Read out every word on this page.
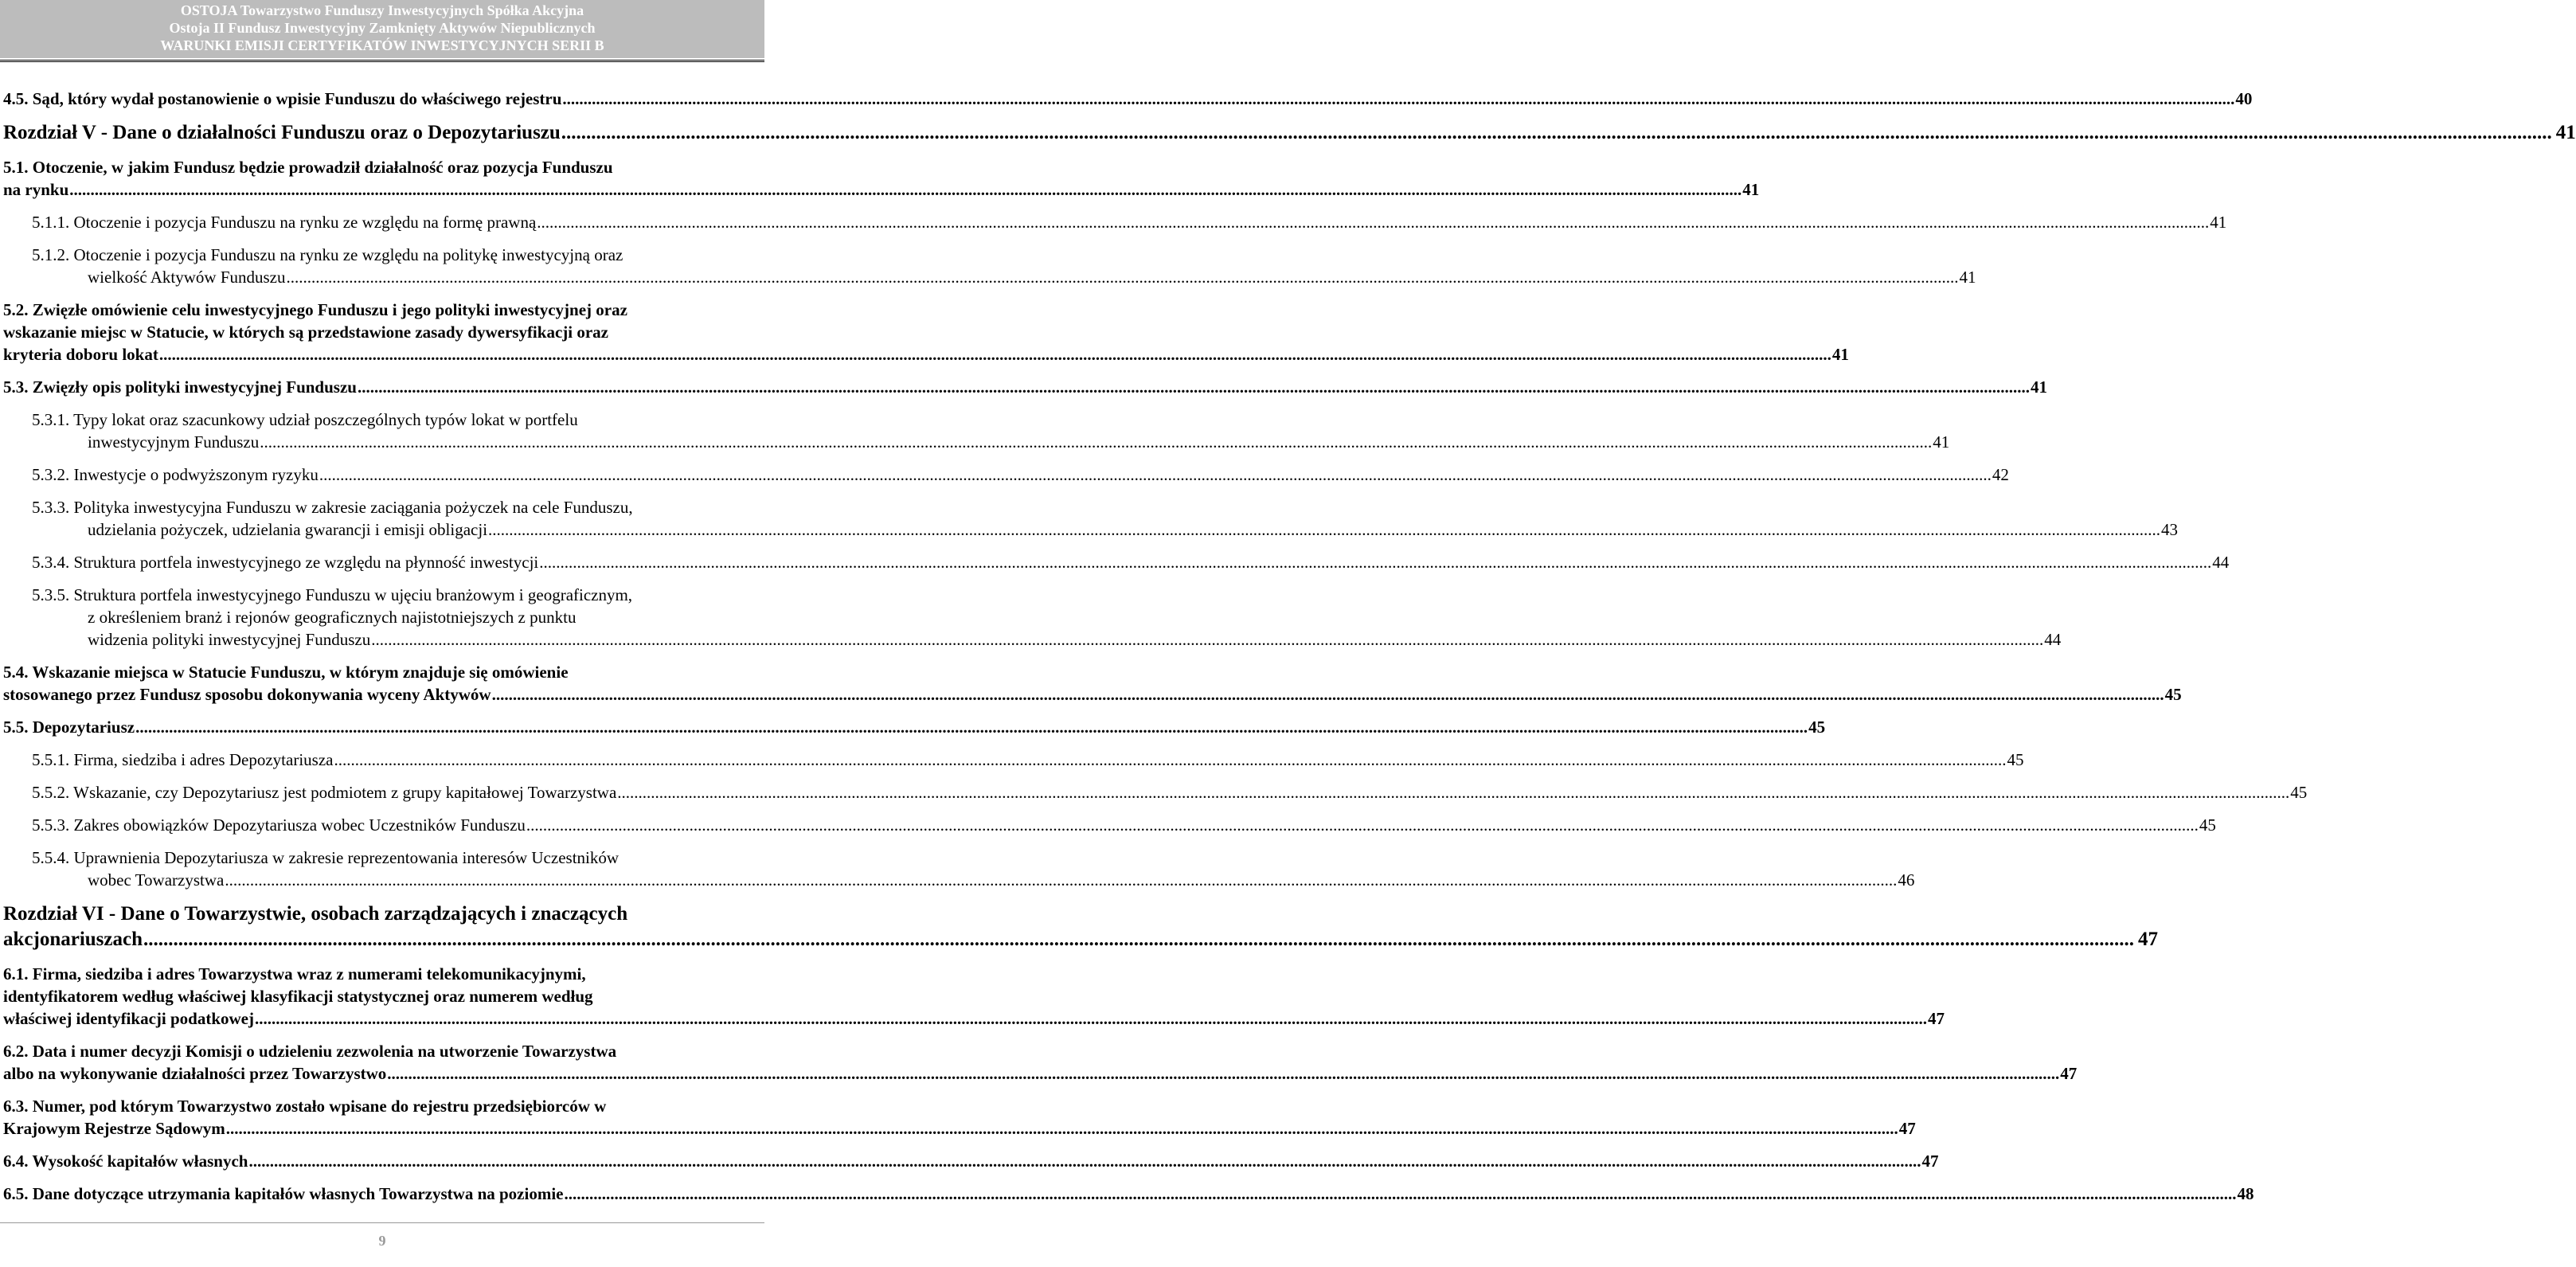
OSTOJA Towarzystwo Funduszy Inwestycyjnych Spółka Akcyjna
Ostoja II Fundusz Inwestycyjny Zamknięty Aktywów Niepublicznych
WARUNKI EMISJI CERTYFIKATÓW INWESTYCYJNYCH SERII B
4.5. Sąd, który wydał postanowienie o wpisie Funduszu do właściwego rejestru ................................................................................................................................................................................................................................................................................................................................................................................................................ 40
Rozdział V - Dane o działalności Funduszu oraz o Depozytariuszu ................................................................................................................................................................................................................................................................................................................................................................................................................ 41
5.1. Otoczenie, w jakim Fundusz będzie prowadził działalność oraz pozycja Funduszu
na rynku ................................................................................................................................................................................................................................................................................................................................................................................................................ 41
5.1.1. Otoczenie i pozycja Funduszu na rynku ze względu na formę prawną ................................................................................................................................................................................................................................................................................................................................................................................................................ 41
5.1.2. Otoczenie i pozycja Funduszu na rynku ze względu na politykę inwestycyjną oraz
wielkość Aktywów Funduszu ................................................................................................................................................................................................................................................................................................................................................................................................................ 41
5.2. Zwięzłe omówienie celu inwestycyjnego Funduszu i jego polityki inwestycyjnej oraz
wskazanie miejsc w Statucie, w których są przedstawione zasady dywersyfikacji oraz
kryteria doboru lokat ................................................................................................................................................................................................................................................................................................................................................................................................................ 41
5.3. Zwięzły opis polityki inwestycyjnej Funduszu ................................................................................................................................................................................................................................................................................................................................................................................................................ 41
5.3.1. Typy lokat oraz szacunkowy udział poszczególnych typów lokat w portfelu
inwestycyjnym Funduszu ................................................................................................................................................................................................................................................................................................................................................................................................................ 41
5.3.2. Inwestycje o podwyższonym ryzyku ................................................................................................................................................................................................................................................................................................................................................................................................................ 42
5.3.3. Polityka inwestycyjna Funduszu w zakresie zaciągania pożyczek na cele Funduszu,
udzielania pożyczek, udzielania gwarancji i emisji obligacji ................................................................................................................................................................................................................................................................................................................................................................................................................ 43
5.3.4. Struktura portfela inwestycyjnego ze względu na płynność inwestycji ................................................................................................................................................................................................................................................................................................................................................................................................................ 44
5.3.5. Struktura portfela inwestycyjnego Funduszu w ujęciu branżowym i geograficznym,
z określeniem branż i rejonów geograficznych najistotniejszych z punktu
widzenia polityki inwestycyjnej Funduszu ................................................................................................................................................................................................................................................................................................................................................................................................................ 44
5.4. Wskazanie miejsca w Statucie Funduszu, w którym znajduje się omówienie
stosowanego przez Fundusz sposobu dokonywania wyceny Aktywów ................................................................................................................................................................................................................................................................................................................................................................................................................ 45
5.5. Depozytariusz ................................................................................................................................................................................................................................................................................................................................................................................................................ 45
5.5.1. Firma, siedziba i adres Depozytariusza ................................................................................................................................................................................................................................................................................................................................................................................................................ 45
5.5.2. Wskazanie, czy Depozytariusz jest podmiotem z grupy kapitałowej Towarzystwa ................................................................................................................................................................................................................................................................................................................................................................................................................ 45
5.5.3. Zakres obowiązków Depozytariusza wobec Uczestników Funduszu ................................................................................................................................................................................................................................................................................................................................................................................................................ 45
5.5.4. Uprawnienia Depozytariusza w zakresie reprezentowania interesów Uczestników
wobec Towarzystwa ................................................................................................................................................................................................................................................................................................................................................................................................................ 46
Rozdział VI - Dane o Towarzystwie, osobach zarządzających i znaczących
akcjonariuszach ................................................................................................................................................................................................................................................................................................................................................................................................................ 47
6.1. Firma, siedziba i adres Towarzystwa wraz z numerami telekomunikacyjnymi,
identyfikatorem według właściwej klasyfikacji statystycznej oraz numerem według
właściwej identyfikacji podatkowej ................................................................................................................................................................................................................................................................................................................................................................................................................ 47
6.2. Data i numer decyzji Komisji o udzieleniu zezwolenia na utworzenie Towarzystwa
albo na wykonywanie działalności przez Towarzystwo ................................................................................................................................................................................................................................................................................................................................................................................................................ 47
6.3. Numer, pod którym Towarzystwo zostało wpisane do rejestru przedsiębiorców w
Krajowym Rejestrze Sądowym ................................................................................................................................................................................................................................................................................................................................................................................................................ 47
6.4. Wysokość kapitałów własnych ................................................................................................................................................................................................................................................................................................................................................................................................................ 47
6.5. Dane dotyczące utrzymania kapitałów własnych Towarzystwa na poziomie ................................................................................................................................................................................................................................................................................................................................................................................................................ 48
9
